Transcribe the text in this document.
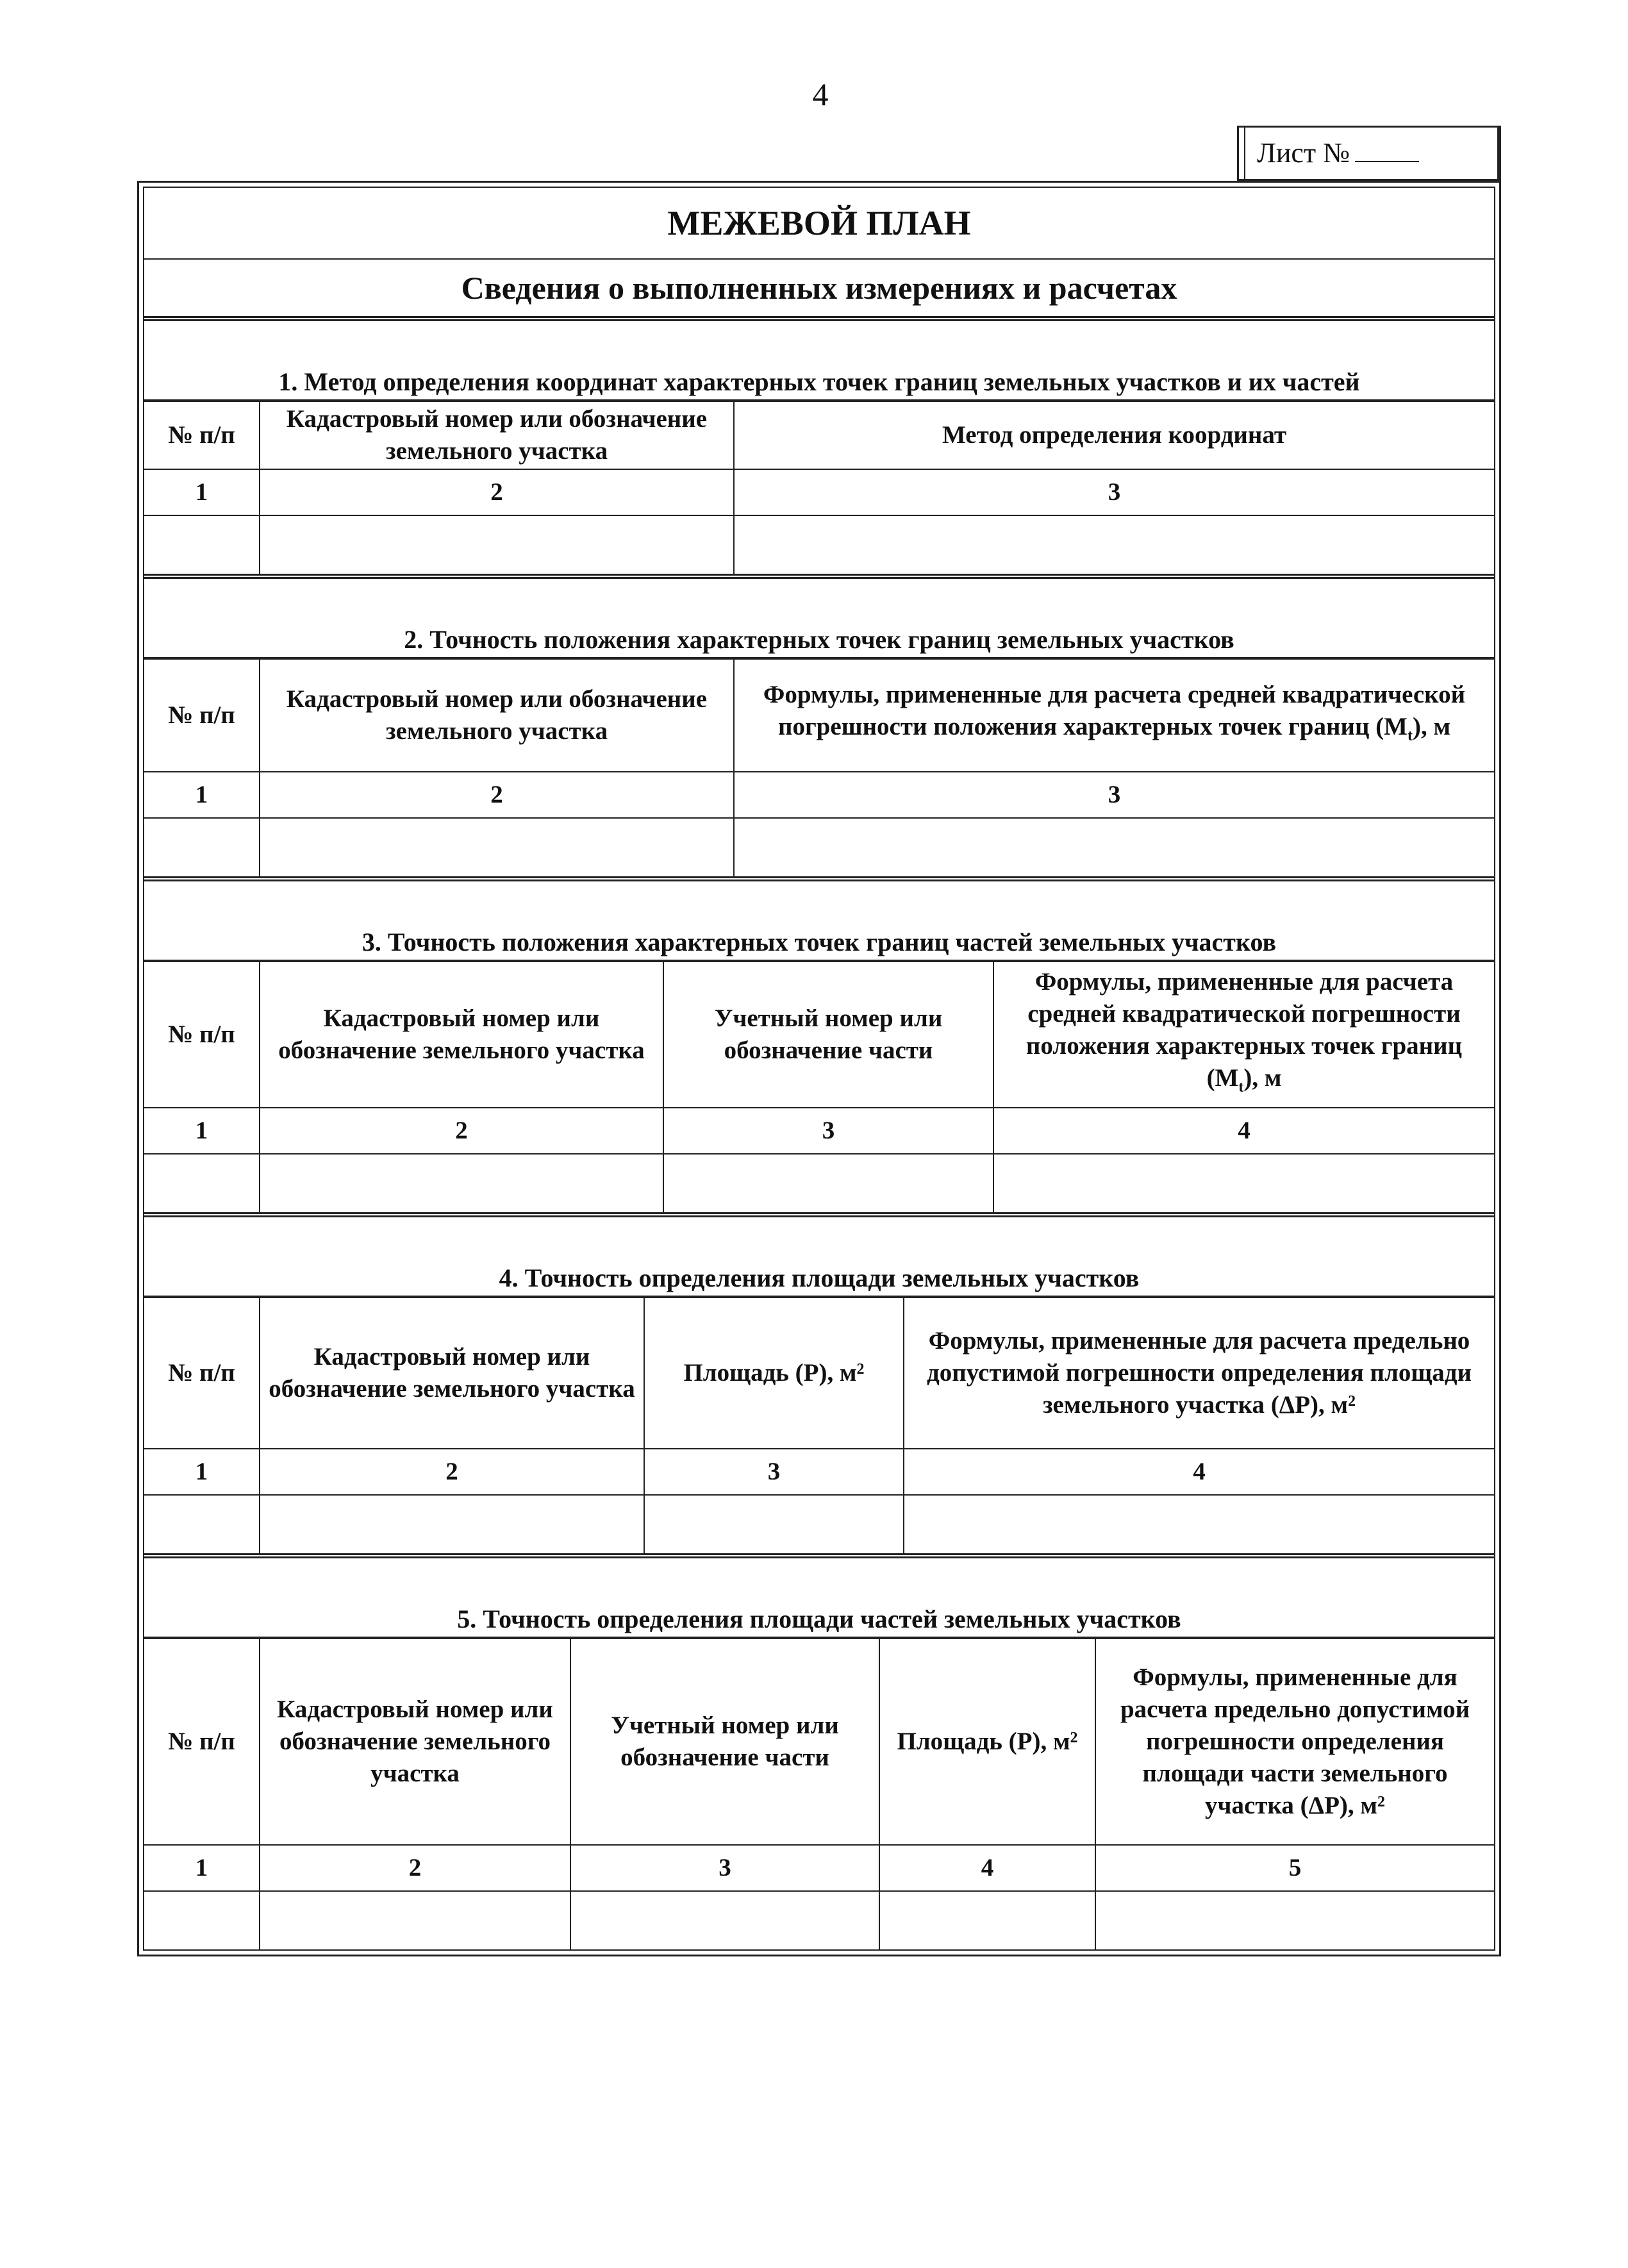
4
Лист №
МЕЖЕВОЙ ПЛАН
Сведения о выполненных измерениях и расчетах
1. Метод определения координат характерных точек границ земельных участков и их частей
№ п/п	Кадастровый номер или обозначение земельного участка	Метод определения координат
1	2	3

2. Точность положения характерных точек границ земельных участков
№ п/п	Кадастровый номер или обозначение земельного участка	Формулы, примененные для расчета средней квадратической погрешности положения характерных точек границ $(M_t)$, м
1	2	3

3. Точность положения характерных точек границ частей земельных участков
№ п/п	Кадастровый номер или обозначение земельного участка	Учетный номер или обозначение части	Формулы, примененные для расчета средней квадратической погрешности положения характерных точек границ $(M_t)$, м
1	2	3	4

4. Точность определения площади земельных участков
№ п/п	Кадастровый номер или обозначение земельного участка	Площадь (P), $м^2$	Формулы, примененные для расчета предельно допустимой погрешности определения площади земельного участка (ΔP), $м^2$
1	2	3	4

5. Точность определения площади частей земельных участков
№ п/п	Кадастровый номер или обозначение земельного участка	Учетный номер или обозначение части	Площадь (P), $м^2$	Формулы, примененные для расчета предельно допустимой погрешности определения площади части земельного участка (ΔP), $м^2$
1	2	3	4	5
